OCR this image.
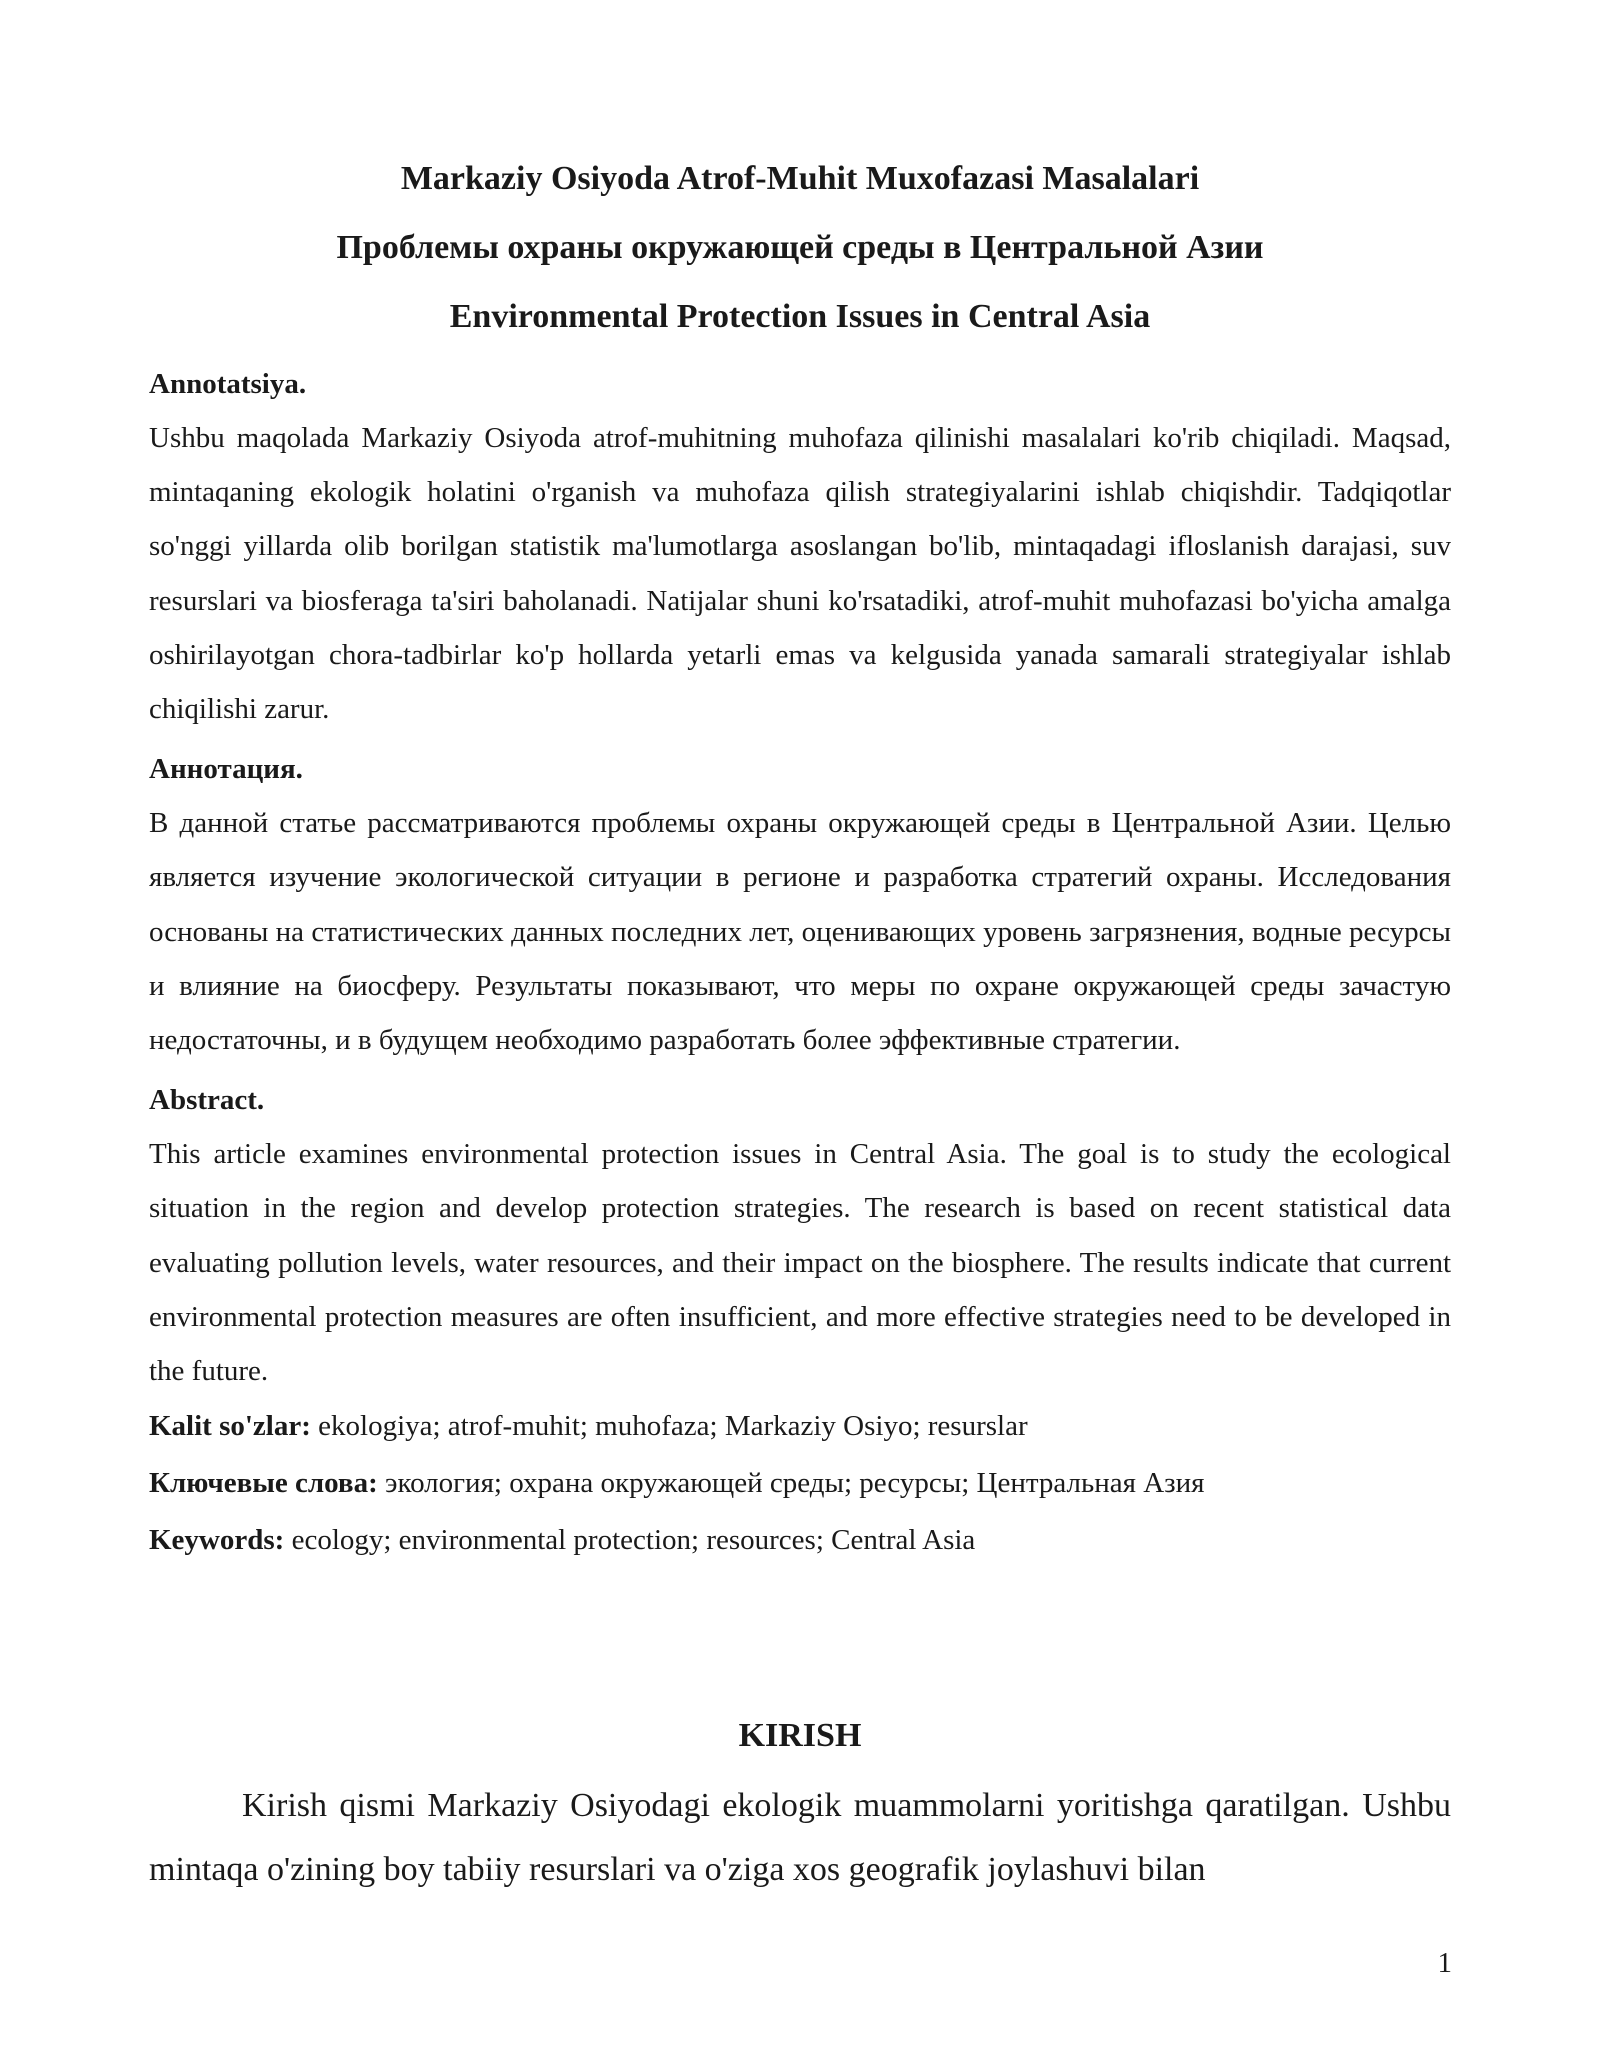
Markaziy Osiyoda Atrof-Muhit Muxofazasi Masalalari
Проблемы охраны окружающей среды в Центральной Азии
Environmental Protection Issues in Central Asia
Annotatsiya.

Ushbu maqolada Markaziy Osiyoda atrof-muhitning muhofaza qilinishi masalalari ko'rib chiqiladi. Maqsad, mintaqaning ekologik holatini o'rganish va muhofaza qilish strategiyalarini ishlab chiqishdir. Tadqiqotlar so'nggi yillarda olib borilgan statistik ma'lumotlarga asoslangan bo'lib, mintaqadagi ifloslanish darajasi, suv resurslari va biosferaga ta'siri baholanadi. Natijalar shuni ko'rsatadiki, atrof-muhit muhofazasi bo'yicha amalga oshirilayotgan chora-tadbirlar ko'p hollarda yetarli emas va kelgusida yanada samarali strategiyalar ishlab chiqilishi zarur.

Аннотация.

В данной статье рассматриваются проблемы охраны окружающей среды в Центральной Азии. Целью является изучение экологической ситуации в регионе и разработка стратегий охраны. Исследования основаны на статистических данных последних лет, оценивающих уровень загрязнения, водные ресурсы и влияние на биосферу. Результаты показывают, что меры по охране окружающей среды зачастую недостаточны, и в будущем необходимо разработать более эффективные стратегии.

Abstract.

This article examines environmental protection issues in Central Asia. The goal is to study the ecological situation in the region and develop protection strategies. The research is based on recent statistical data evaluating pollution levels, water resources, and their impact on the biosphere. The results indicate that current environmental protection measures are often insufficient, and more effective strategies need to be developed in the future.

Kalit so'zlar: ekologiya; atrof-muhit; muhofaza; Markaziy Osiyo; resurslar

Ключевые слова: экология; охрана окружающей среды; ресурсы; Центральная Азия

Keywords: ecology; environmental protection; resources; Central Asia

KIRISH

Kirish qismi Markaziy Osiyodagi ekologik muammolarni yoritishga qaratilgan. Ushbu mintaqa o'zining boy tabiiy resurslari va o'ziga xos geografik joylashuvi bilan

1
